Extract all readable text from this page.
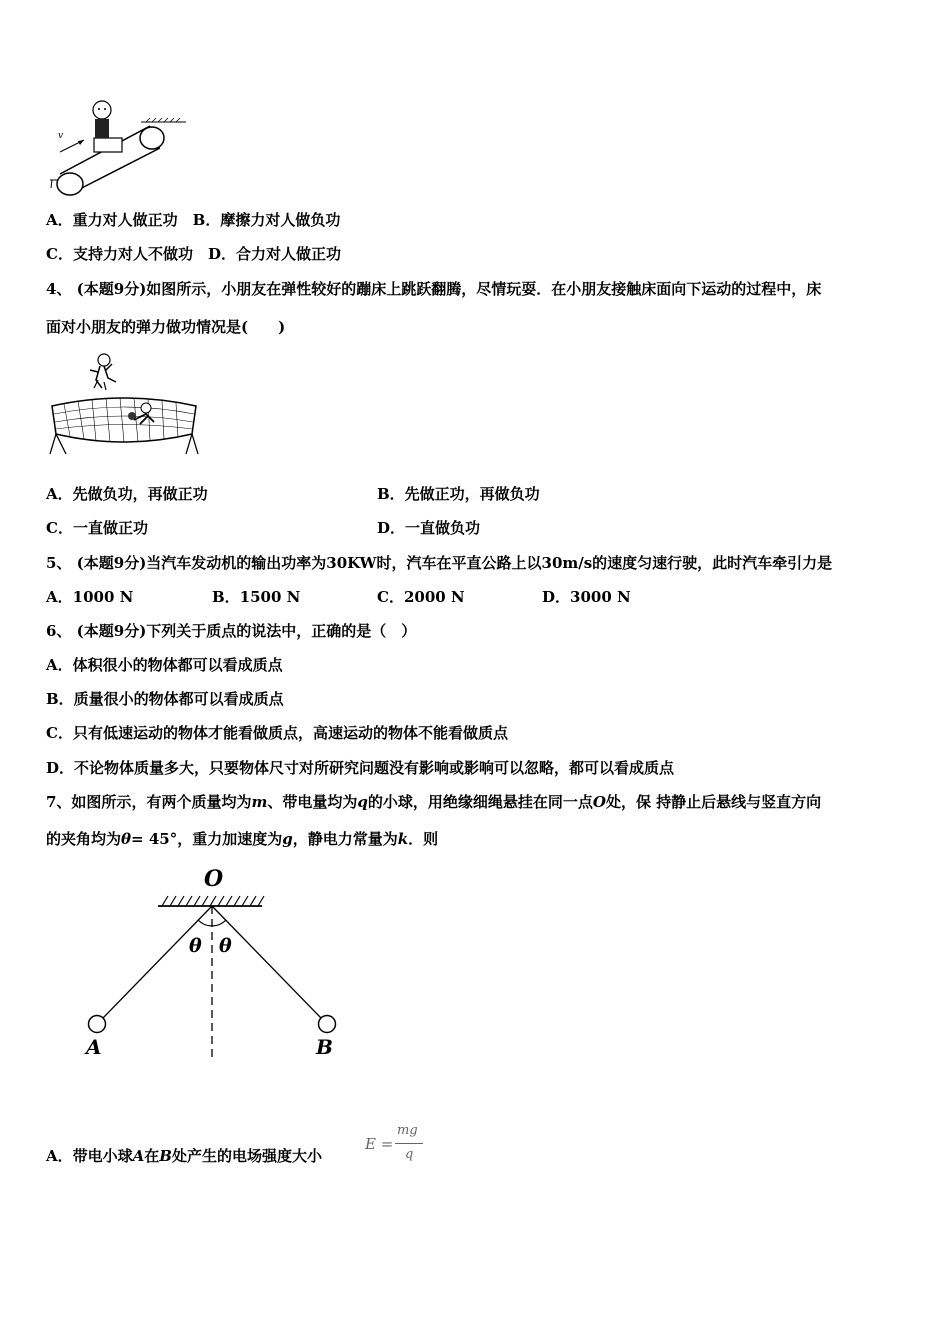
v
A．重力对人做正功　B．摩擦力对人做负功
C．支持力对人不做功　D．合力对人做正功
4、 (本题9分)如图所示，小朋友在弹性较好的蹦床上跳跃翻腾，尽情玩耍．在小朋友接触床面向下运动的过程中，床
面对小朋友的弹力做功情况是(　　)
A．先做负功，再做正功	B．先做正功，再做负功
C．一直做正功	D．一直做负功
5、 (本题9分)当汽车发动机的输出功率为30KW时，汽车在平直公路上以30m/s的速度匀速行驶，此时汽车牵引力是
A．1000 N	B．1500 N	C．2000 N	D．3000 N
6、 (本题9分)下列关于质点的说法中，正确的是（　）
A．体积很小的物体都可以看成质点
B．质量很小的物体都可以看成质点
C．只有低速运动的物体才能看做质点，高速运动的物体不能看做质点
D．不论物体质量多大，只要物体尺寸对所研究问题没有影响或影响可以忽略，都可以看成质点
7、如图所示，有两个质量均为m、带电量均为q的小球，用绝缘细绳悬挂在同一点O处，保 持静止后悬线与竖直方向
的夹角均为θ= 45°，重力加速度为g，静电力常量为k．则
O
θ θ
A	B
A．带电小球A在B处产生的电场强度大小
E =
mg
q
